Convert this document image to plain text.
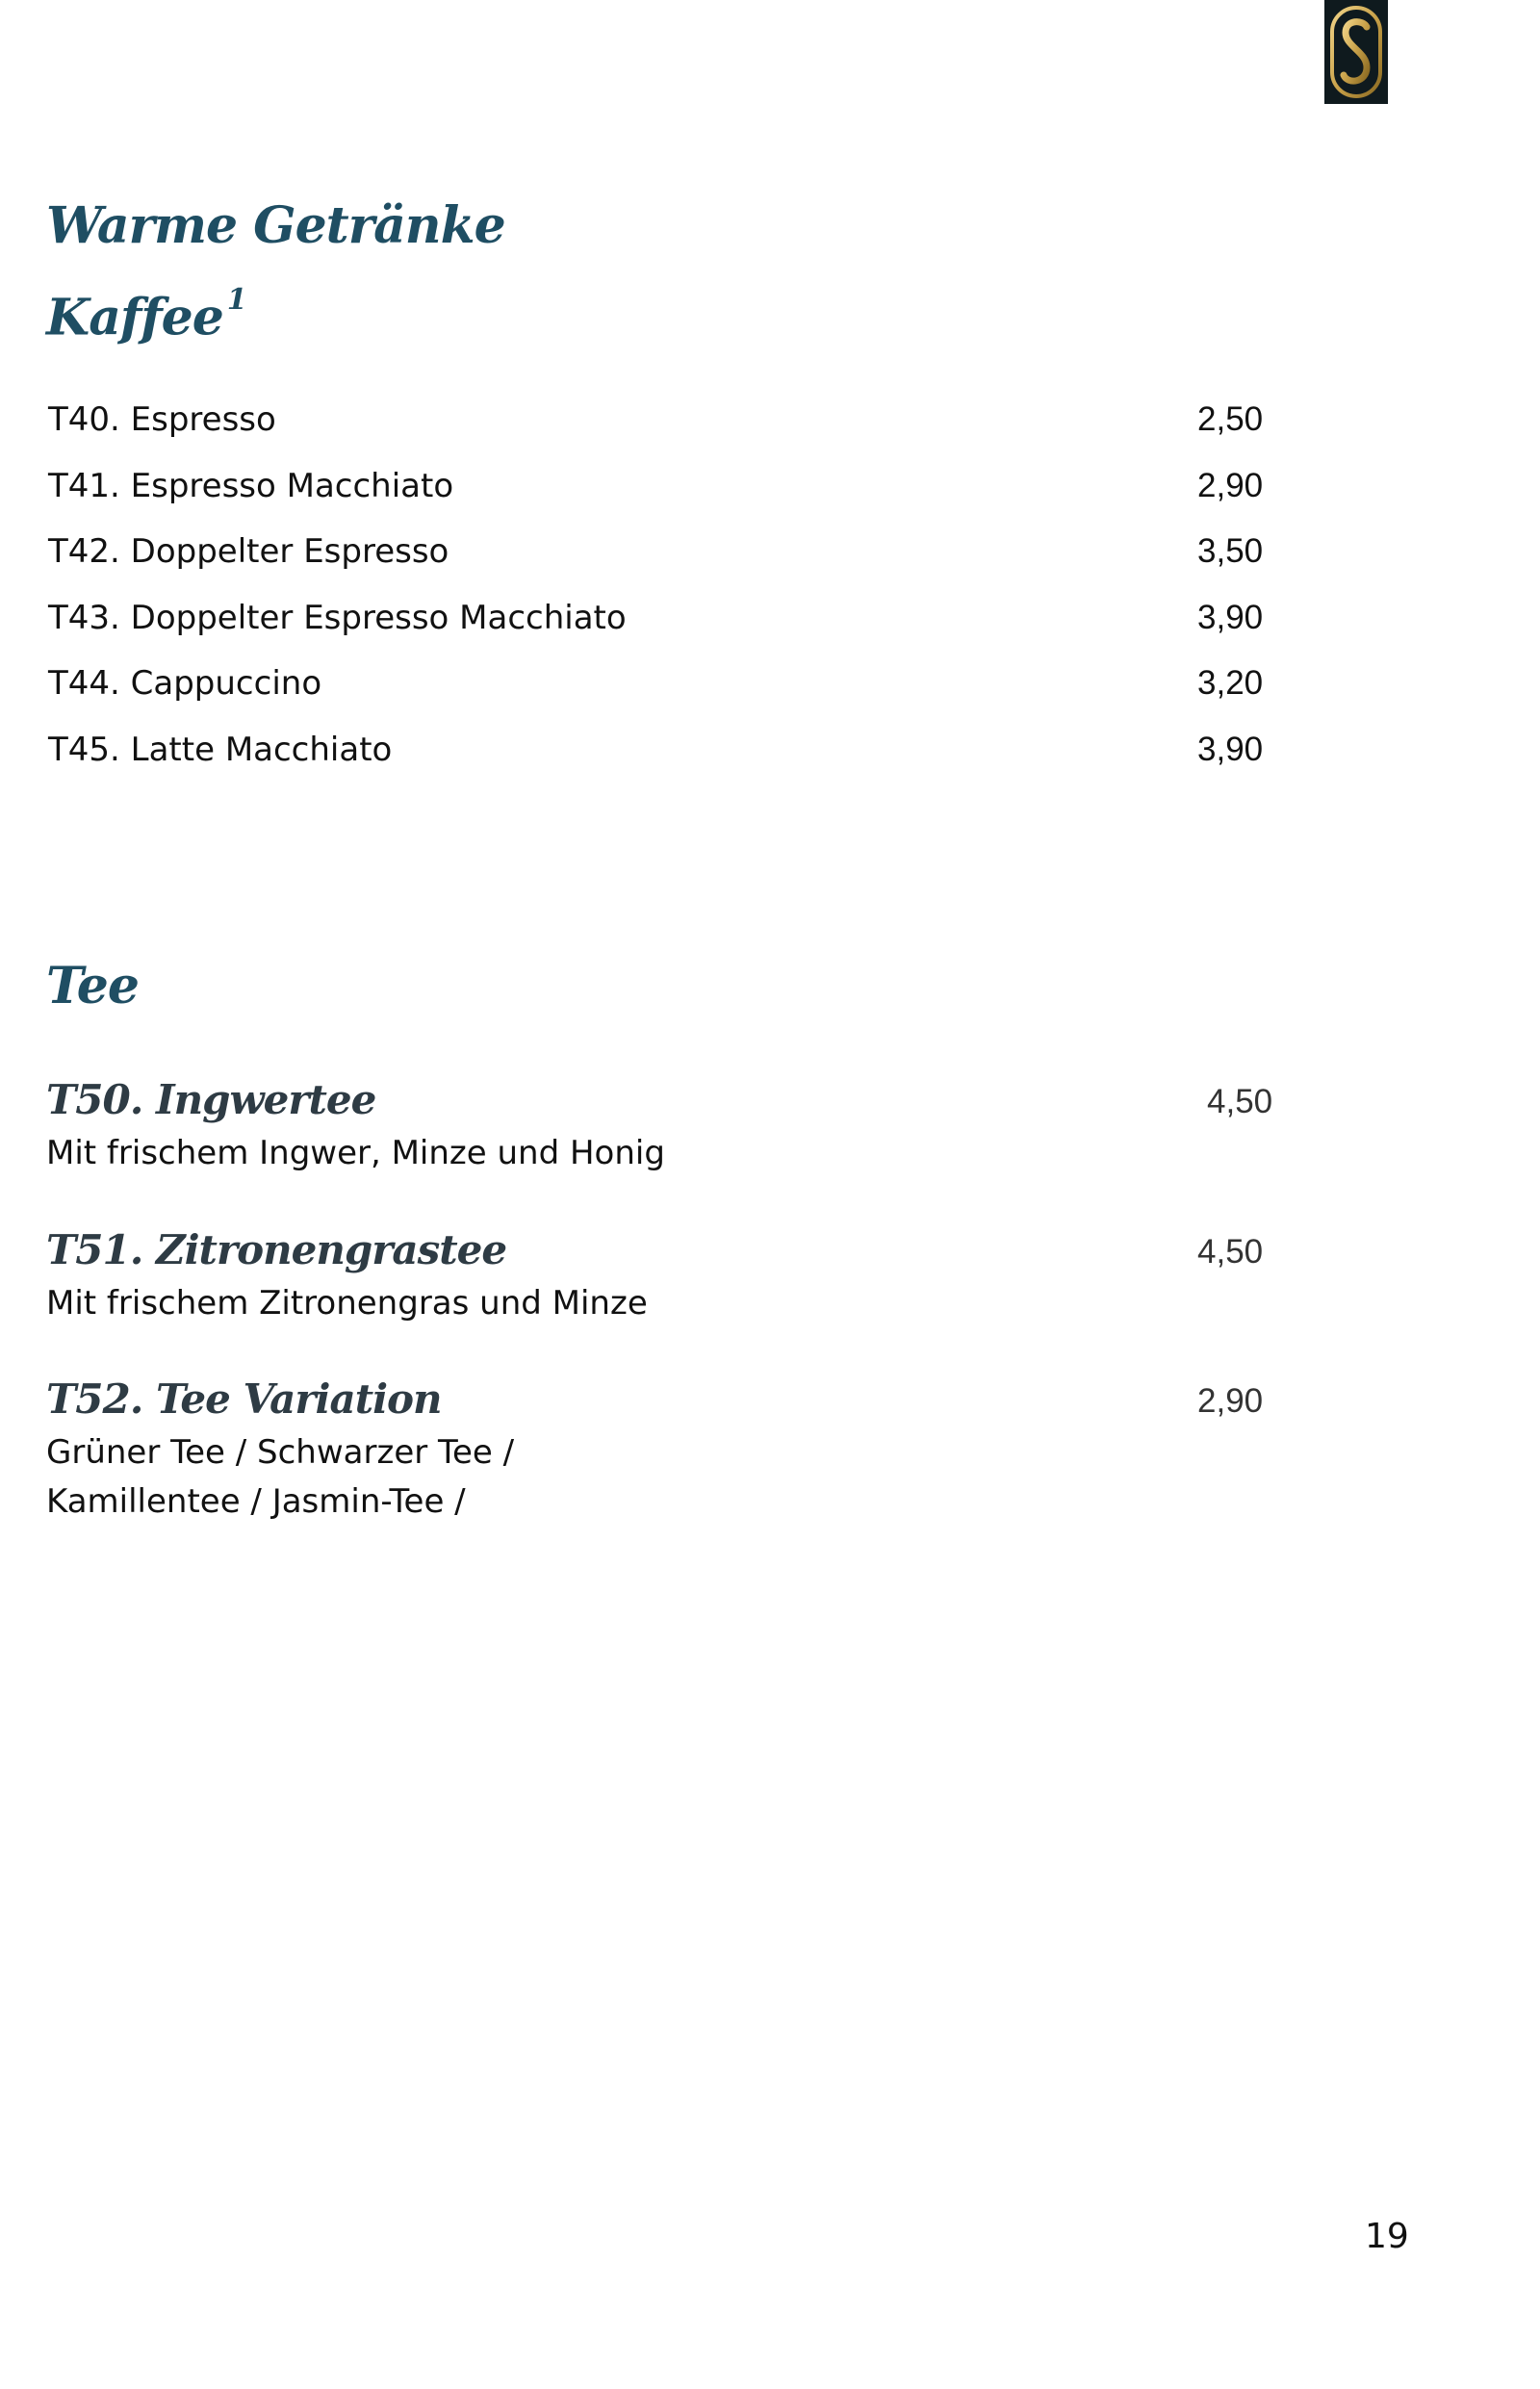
Warme Getränke
Kaffee $^1$
T40. Espresso	2,50
T41. Espresso Macchiato	2,90
T42. Doppelter Espresso	3,50
T43. Doppelter Espresso Macchiato	3,90
T44. Cappuccino	3,20
T45. Latte Macchiato	3,90
Tee
T50. Ingwertee	4,50
Mit frischem Ingwer, Minze und Honig
T51. Zitronengrastee	4,50
Mit frischem Zitronengras und Minze
T52. Tee Variation	2,90
Grüner Tee / Schwarzer Tee /
Kamillentee / Jasmin-Tee /
19
